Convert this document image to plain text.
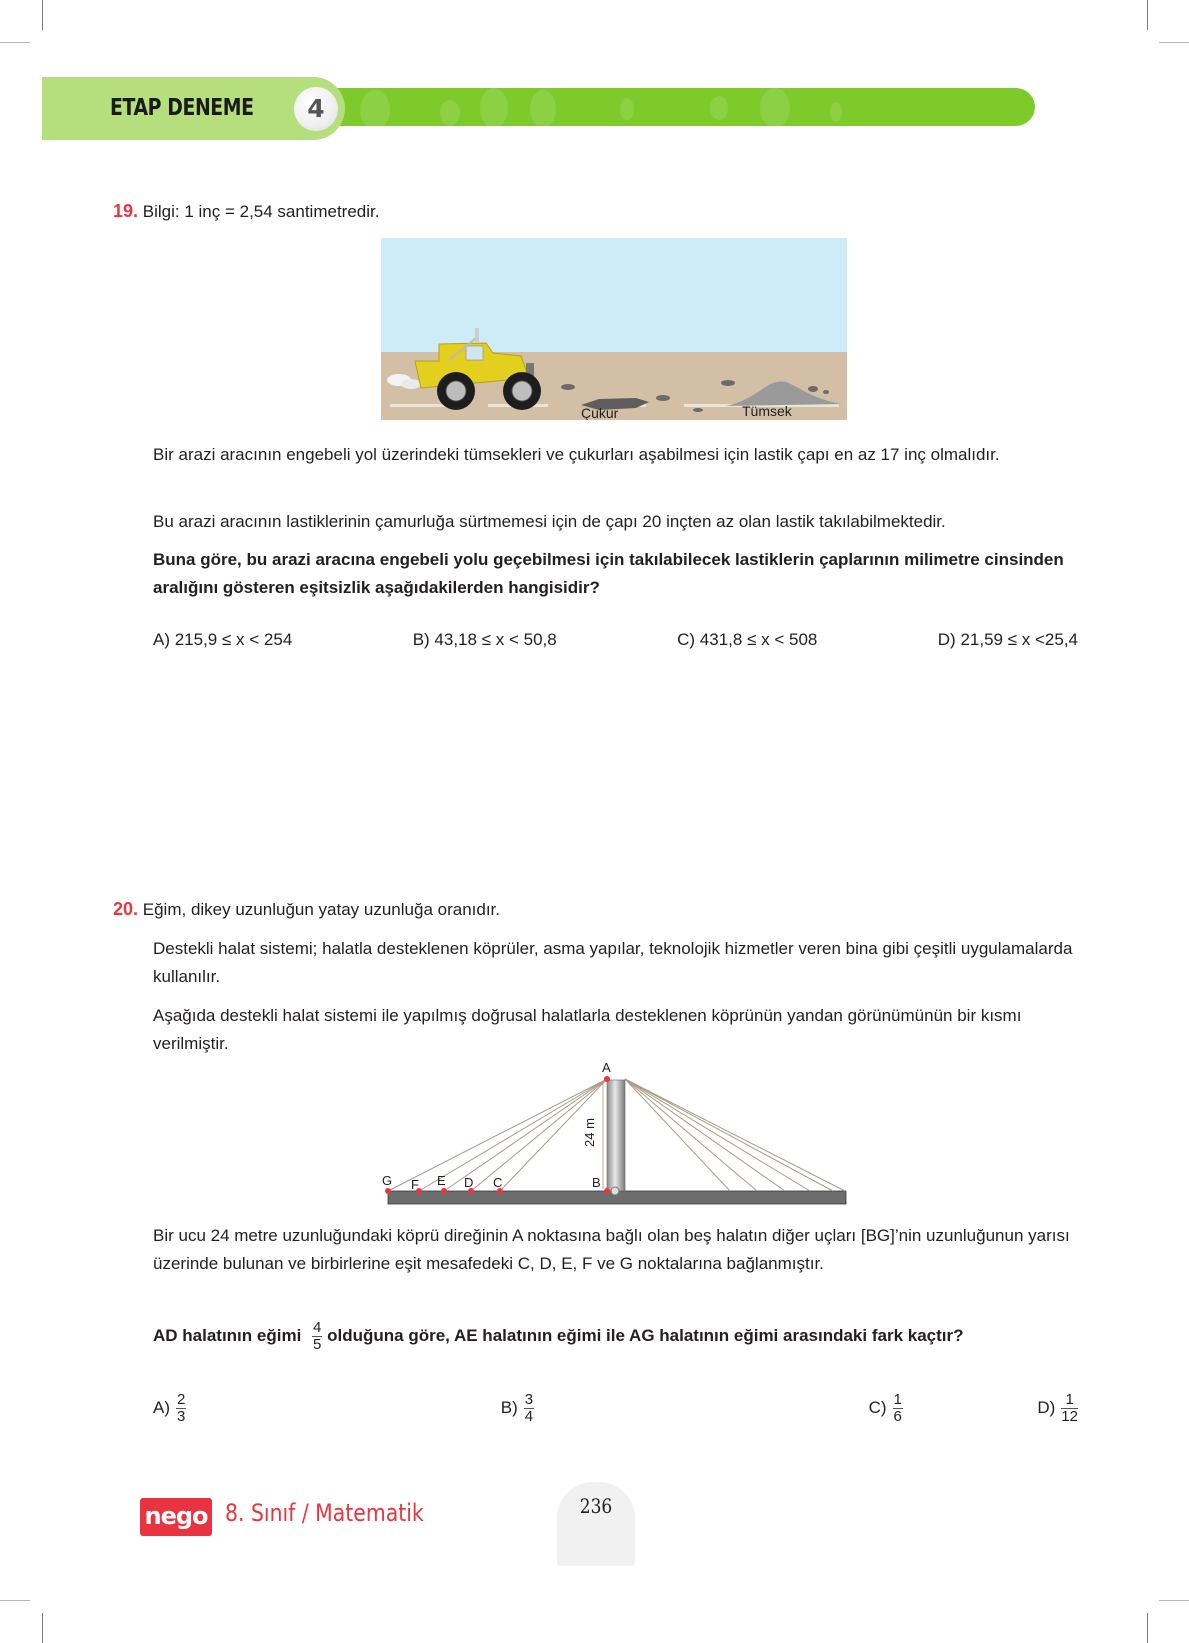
ETAP DENEME	4
19. Bilgi: 1 inç = 2,54 santimetredir.
Çukur	Tümsek
Bir arazi aracının engebeli yol üzerindeki tümsekleri ve çukurları aşabilmesi için lastik çapı en az 17 inç olmalıdır.
Bu arazi aracının lastiklerinin çamurluğa sürtmemesi için de çapı 20 inçten az olan lastik takılabilmektedir.
Buna göre, bu arazi aracına engebeli yolu geçebilmesi için takılabilecek lastiklerin çaplarının milimetre cinsinden aralığını gösteren eşitsizlik aşağıdakilerden hangisidir?
A) 215,9 ≤ x < 254	B) 43,18 ≤ x < 50,8	C) 431,8 ≤ x < 508	D) 21,59 ≤ x <25,4
20. Eğim, dikey uzunluğun yatay uzunluğa oranıdır.
Destekli halat sistemi; halatla desteklenen köprüler, asma yapılar, teknolojik hizmetler veren bina gibi çeşitli uygulamalarda kullanılır.
Aşağıda destekli halat sistemi ile yapılmış doğrusal halatlarla desteklenen köprünün yandan görünümünün bir kısmı verilmiştir.
A
B
C
D
E
F
G
24 m
Bir ucu 24 metre uzunluğundaki köprü direğinin A noktasına bağlı olan beş halatın diğer uçları [BG]’nin uzunluğunun yarısı üzerinde bulunan ve birbirlerine eşit mesafedeki C, D, E, F ve G noktalarına bağlanmıştır.
AD halatının eğimi $\frac{4}{5}$ olduğuna göre, AE halatının eğimi ile AG halatının eğimi arasındaki fark kaçtır?
$A) \frac{2}{3}$	$B) \frac{3}{4}$	$C) \frac{1}{6}$	$D) \frac{1}{12}$
nego 8. Sınıf / Matematik	236
